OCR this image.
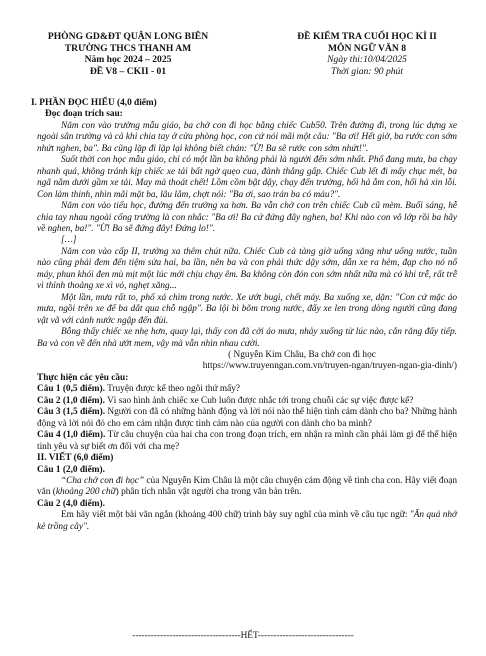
PHÒNG GD&ĐT QUẬN LONG BIÊN
TRƯỜNG THCS THANH AM
Năm học 2024 – 2025
ĐỀ V8 – CKII - 01
ĐỀ KIỂM TRA CUỐI HỌC KÌ II
MÔN NGỮ VĂN 8
Ngày thi:10/04/2025
Thời gian: 90 phút

I. PHẦN ĐỌC HIỂU (4,0 điểm)

Đọc đoạn trích sau:

Năm con vào trường mẫu giáo, ba chở con đi học bằng chiếc Cub50. Trên đường đi, trong lúc dựng xe ngoài sân trường và cả khi chia tay ở cửa phòng học, con cứ nói mãi một câu: "Ba ơi! Hết giờ, ba rước con sớm nhứt nghen, ba". Ba cũng lặp đi lặp lại không biết chán: "Ừ! Ba sẽ rước con sớm nhứt!".

Suốt thời con học mẫu giáo, chỉ có một lần ba không phải là người đến sớm nhất. Phố đang mưa, ba chạy nhanh quá, không tránh kịp chiếc xe tải bất ngờ quẹo cua, đành thắng gấp. Chiếc Cub lết đi mấy chục mét, ba ngã nằm dưới gầm xe tải. May mà thoát chết! Lồm cồm bật dậy, chạy đến trường, hối hả ẵm con, hối hả xin lỗi. Con làm thinh, nhìn mãi mặt ba, lâu lắm, chợt nói: "Ba ơi, sao trán ba có máu?".

Năm con vào tiểu học, đường đến trường xa hơn. Ba vẫn chở con trên chiếc Cub cũ mèm. Buổi sáng, hễ chia tay nhau ngoài cổng trường là con nhắc: "Ba ơi! Ba cứ đứng đây nghen, ba! Khi nào con vô lớp rồi ba hãy về nghen, ba!". "Ừ! Ba sẽ đứng đây! Đứng lo!".

[…]

Năm con vào cấp II, trường xa thêm chút nữa. Chiếc Cub cà tàng giờ uống xăng như uống nước, tuần nào cũng phải đem đến tiệm sửa hai, ba lần, nên ba và con phải thức dậy sớm, dẫn xe ra hẻm, đạp cho nó nổ máy, phun khói đen mù mịt một lúc mới chịu chạy êm. Ba không còn đón con sớm nhất nữa mà có khi trễ, rất trễ vì thỉnh thoảng xe xì vỏ, nghẹt xăng...

Một lần, mưa rất to, phố xá chìm trong nước. Xe ướt bugi, chết máy. Ba xuống xe, dặn: "Con cứ mặc áo mưa, ngồi trên xe để ba dắt qua chỗ ngập". Ba lội bì bõm trong nước, đẩy xe len trong dòng người cũng đang vật vã với cảnh nước ngập đến đùi.

Bỗng thấy chiếc xe nhẹ hơn, quay lại, thấy con đã cởi áo mưa, nhảy xuống từ lúc nào, cắn răng đẩy tiếp. Ba và con về đến nhà ướt mem, vậy mà vẫn nhìn nhau cười.

( Nguyễn Kim Châu, Ba chở con đi học

https://www.truyenngan.com.vn/truyen-ngan/truyen-ngan-gia-dinh/)

Thực hiện các yêu cầu:

Câu 1 (0,5 điểm). Truyện được kể theo ngôi thứ mấy?

Câu 2 (1,0 điểm). Vì sao hình ảnh chiếc xe Cub luôn được nhắc tới trong chuỗi các sự việc được kể?

Câu 3 (1,5 điểm). Người con đã có những hành động và lời nói nào thể hiện tình cảm dành cho ba? Những hành động và lời nói đó cho em cảm nhận được tình cảm nào của người con dành cho ba mình?

Câu 4 (1,0 điểm). Từ câu chuyện của hai cha con trong đoạn trích, em nhận ra mình cần phải làm gì để thể hiện tình yêu và sự biết ơn đối với cha mẹ?

II. VIẾT (6,0 điểm)

Câu 1 (2,0 điểm).

“Cha chở con đi học” của Nguyễn Kim Châu là một câu chuyện cảm động về tình cha con. Hãy viết đoạn văn (khoảng 200 chữ) phân tích nhân vật người cha trong văn bản trên.

Câu 2 (4,0 điểm).

Em hãy viết một bài văn ngắn (khoảng 400 chữ) trình bày suy nghĩ của mình về câu tục ngữ: "Ăn quả nhớ kẻ trồng cây".

-----------------------------------HẾT-------------------------------
